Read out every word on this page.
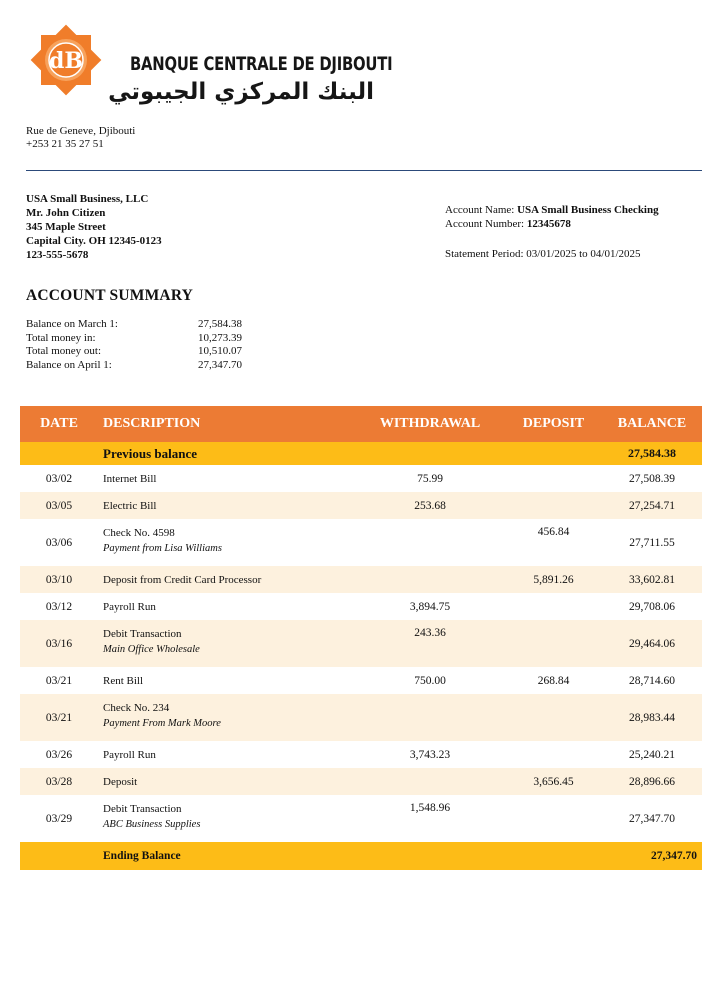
dB BANQUE CENTRALE DE DJIBOUTI
البنك المركزي الجيبوتي
Rue de Geneve, Djibouti
+253 21 35 27 51
USA Small Business, LLC
Mr. John Citizen
345 Maple Street
Capital City. OH 12345-0123
123-555-5678
Account Name: USA Small Business Checking
Account Number: 12345678
Statement Period: 03/01/2025 to 04/01/2025
ACCOUNT SUMMARY
Balance on March 1:	27,584.38
Total money in:	10,273.39
Total money out:	10,510.07
Balance on April 1:	27,347.70
DATE	DESCRIPTION	WITHDRAWAL	DEPOSIT	BALANCE
	Previous balance			27,584.38
03/02	Internet Bill	75.99		27,508.39
03/05	Electric Bill	253.68		27,254.71
03/06	Check No. 4598
Payment from Lisa Williams		456.84	27,711.55
03/10	Deposit from Credit Card Processor		5,891.26	33,602.81
03/12	Payroll Run	3,894.75		29,708.06
03/16	Debit Transaction
Main Office Wholesale	243.36		29,464.06
03/21	Rent Bill	750.00	268.84	28,714.60
03/21	Check No. 234
Payment From Mark Moore			28,983.44
03/26	Payroll Run	3,743.23		25,240.21
03/28	Deposit		3,656.45	28,896.66
03/29	Debit Transaction
ABC Business Supplies	1,548.96		27,347.70
	Ending Balance			27,347.70
